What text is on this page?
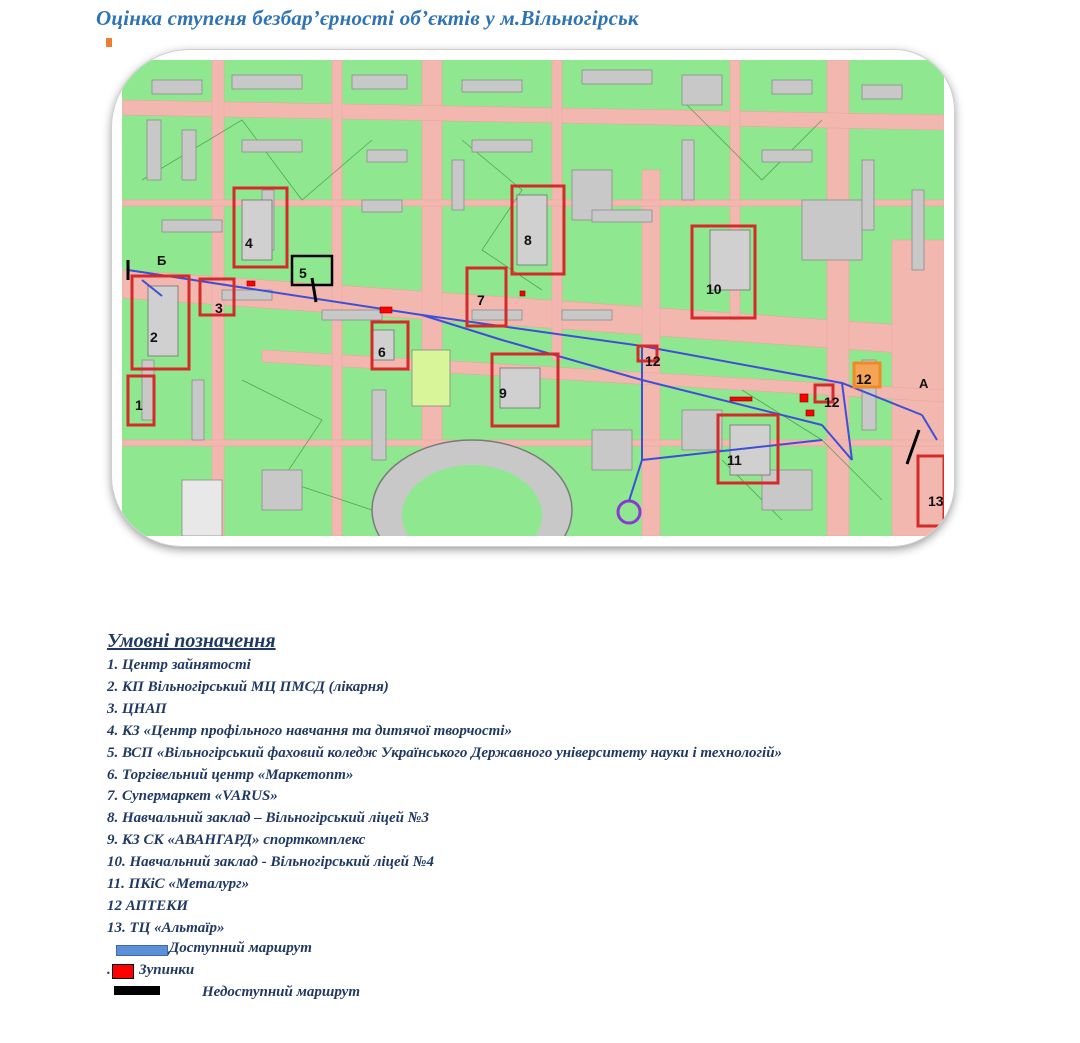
Оцінка ступеня безбар’єрності об’єктів у м.Вільногірськ
Б
А
1
2
3
4
5
6
7
8
9
10
11
12
12
12
13
Умовні позначення
1. Центр зайнятості
2. КП Вільногірський МЦ ПМСД (лікарня)
3. ЦНАП
4. КЗ «Центр профільного навчання та дитячої творчості»
5. ВСП «Вільногірський фаховий коледж Українського Державного університету науки і технологій»
6. Торгівельний центр «Маркетопт»
7. Супермаркет «VARUS»
8. Навчальний заклад – Вільногірський ліцей №3
9. КЗ СК «АВАНГАРД» спорткомплекс
10. Навчальний заклад - Вільногірський ліцей №4
11. ПКіС «Металург»
12 АПТЕКИ
13. ТЦ «Альтаїр»
Доступний маршрут
. Зупинки
Недоступний маршрут
